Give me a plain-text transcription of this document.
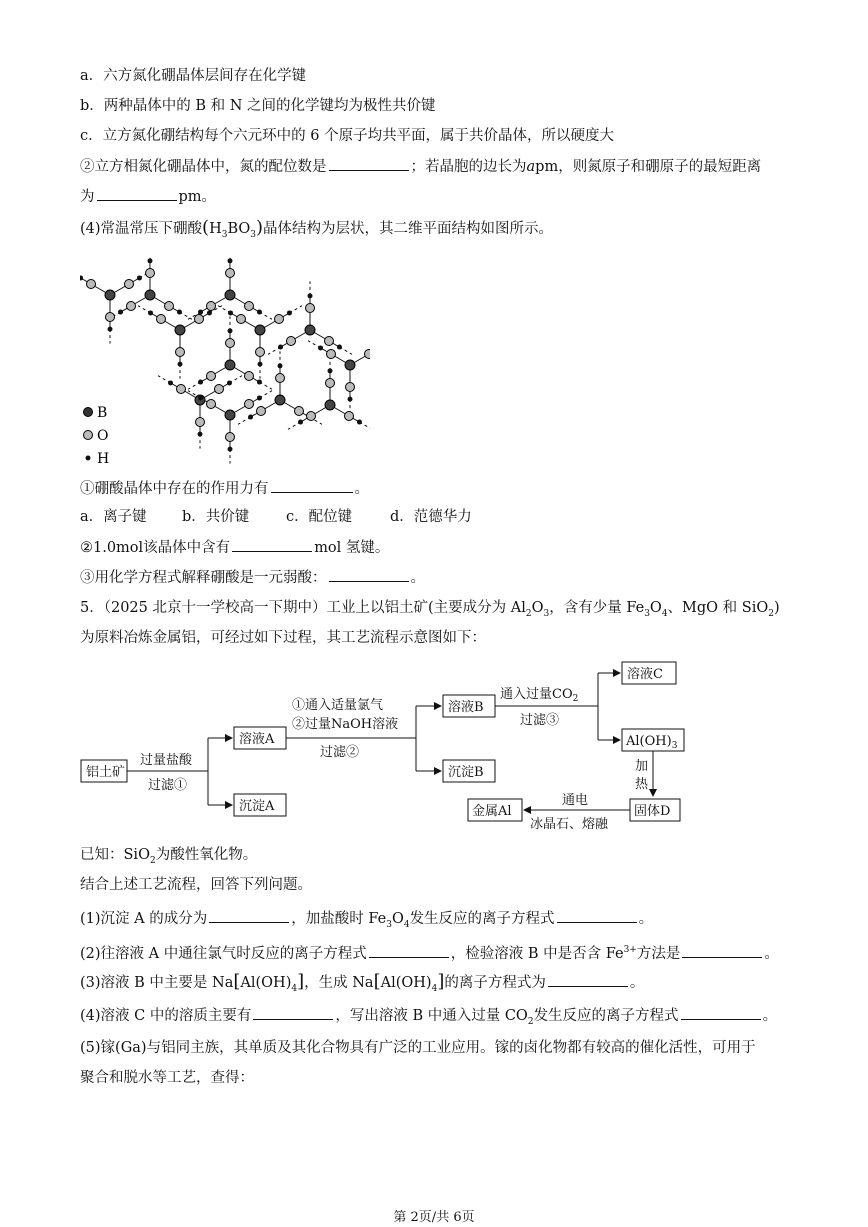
a．六方氮化硼晶体层间存在化学键
b．两种晶体中的 B 和 N 之间的化学键均为极性共价键
c．立方氮化硼结构每个六元环中的 6 个原子均共平面，属于共价晶体，所以硬度大
②立方相氮化硼晶体中，氮的配位数是	；若晶胞的边长为apm，则氮原子和硼原子的最短距离
为	pm。
(4)常温常压下硼酸$(H_3BO_3)$晶体结构为层状，其二维平面结构如图所示。
B
O
H
①硼酸晶体中存在的作用力有	。
a．离子键 b．共价键	c．配位键	d．范德华力
②1.0mol该晶体中含有	mol 氢键。
③用化学方程式解释硼酸是一元弱酸：	。
5．（2025 北京十一学校高一下期中）工业上以铝土矿(主要成分为 $Al_2O_3$，含有少量 $Fe_3O_4$、MgO 和 SiO$_2$)
为原料冶炼金属铝，可经过如下过程，其工艺流程示意图如下：
铝土矿
过量盐酸
过滤①
溶液A
沉淀A
①通入适量氯气
②过量NaOH溶液
过滤②
溶液B
沉淀B
通入过量$CO_2$
过滤③
溶液C
$Al(OH)_3$
加
热
固体D
通电
冰晶石、熔融
金属Al
已知：SiO$_2$为酸性氧化物。
结合上述工艺流程，回答下列问题。
(1)沉淀 A 的成分为	，加盐酸时 $Fe_3O_4$发生反应的离子方程式	。
(2)往溶液 A 中通往氯气时反应的离子方程式	，检验溶液 B 中是否含 $Fe^{3+}$方法是	。
(3)溶液 B 中主要是 $Na[Al(OH)_4]$，生成 $Na[Al(OH)_4]$的离子方程式为	。
(4)溶液 C 中的溶质主要有	，写出溶液 B 中通入过量 $CO_2$发生反应的离子方程式	。
(5)镓(Ga)与铝同主族，其单质及其化合物具有广泛的工业应用。镓的卤化物都有较高的催化活性，可用于
聚合和脱水等工艺，查得：
第 2页/共 6页
